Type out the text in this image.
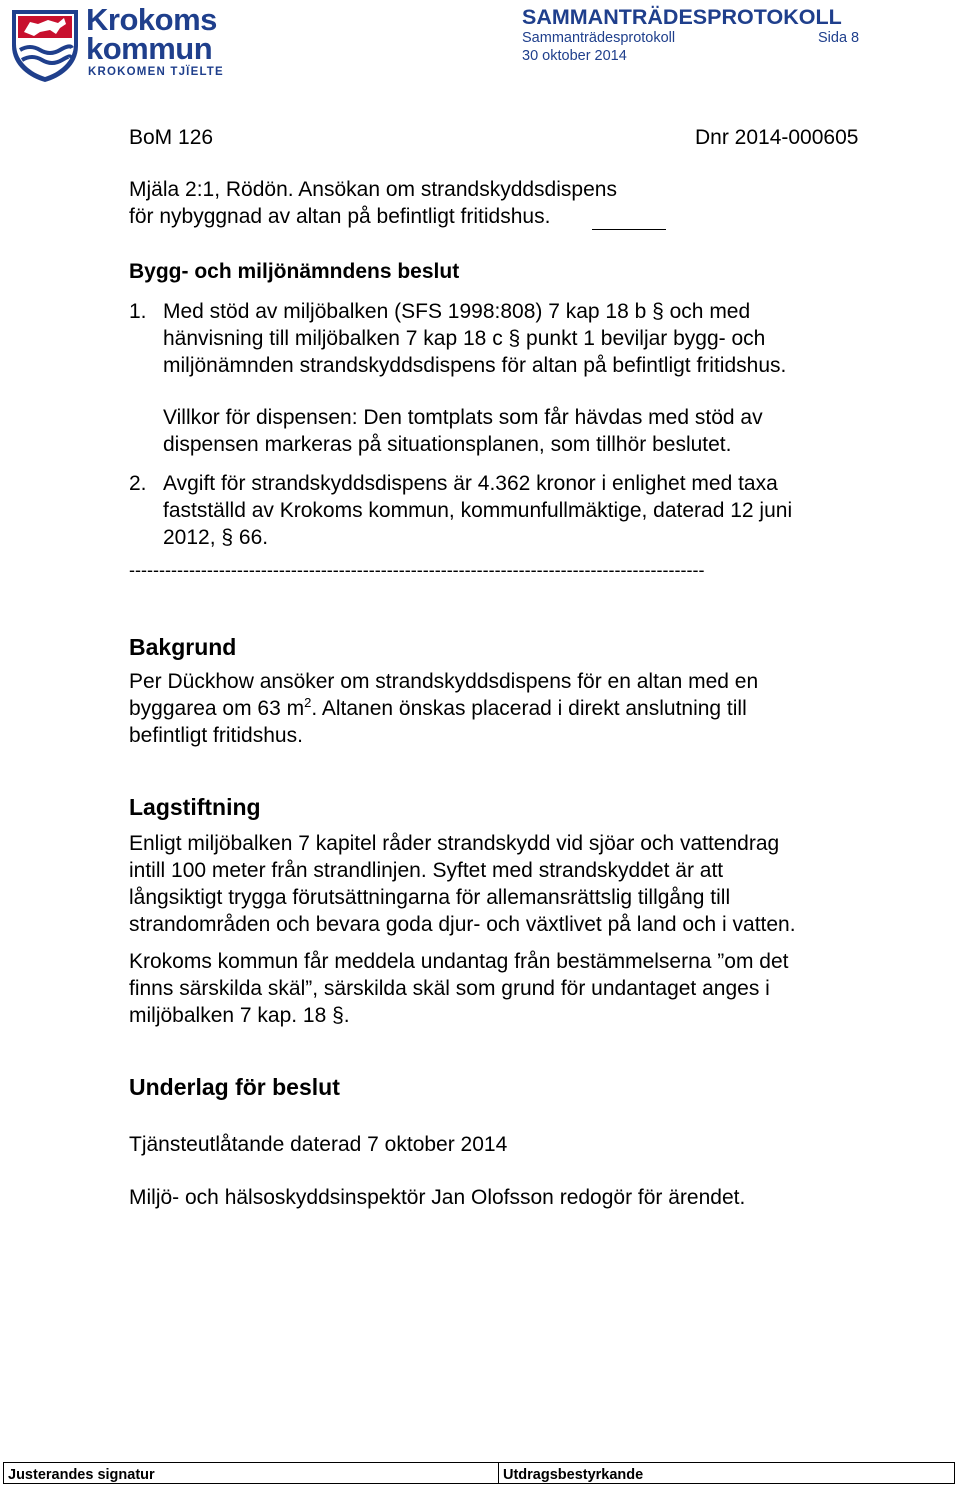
Krokoms
kommun
KROKOMEN TJÏELTE
SAMMANTRÄDESPROTOKOLL
Sammanträdesprotokoll	Sida 8
30 oktober 2014
BoM 126	Dnr 2014-000605
Mjäla 2:1, Rödön. Ansökan om strandskyddsdispens
för nybyggnad av altan på befintligt fritidshus.
Bygg- och miljönämndens beslut
1. Med stöd av miljöbalken (SFS 1998:808) 7 kap 18 b § och med
hänvisning till miljöbalken 7 kap 18 c § punkt 1 beviljar bygg- och
miljönämnden strandskyddsdispens för altan på befintligt fritidshus.
Villkor för dispensen: Den tomtplats som får hävdas med stöd av
dispensen markeras på situationsplanen, som tillhör beslutet.
2. Avgift för strandskyddsdispens är 4.362 kronor i enlighet med taxa
fastställd av Krokoms kommun, kommunfullmäktige, daterad 12 juni
2012, § 66.
------------------------------------------------------------------------------------------------
Bakgrund
Per Dückhow ansöker om strandskyddsdispens för en altan med en
byggarea om 63 $m^2$. Altanen önskas placerad i direkt anslutning till
befintligt fritidshus.
Lagstiftning
Enligt miljöbalken 7 kapitel råder strandskydd vid sjöar och vattendrag
intill 100 meter från strandlinjen. Syftet med strandskyddet är att
långsiktigt trygga förutsättningarna för allemansrättslig tillgång till
strandområden och bevara goda djur- och växtlivet på land och i vatten.
Krokoms kommun får meddela undantag från bestämmelserna ”om det
finns särskilda skäl”, särskilda skäl som grund för undantaget anges i
miljöbalken 7 kap. 18 §.
Underlag för beslut
Tjänsteutlåtande daterad 7 oktober 2014
Miljö- och hälsoskyddsinspektör Jan Olofsson redogör för ärendet.
Justerandes signatur	Utdragsbestyrkande
